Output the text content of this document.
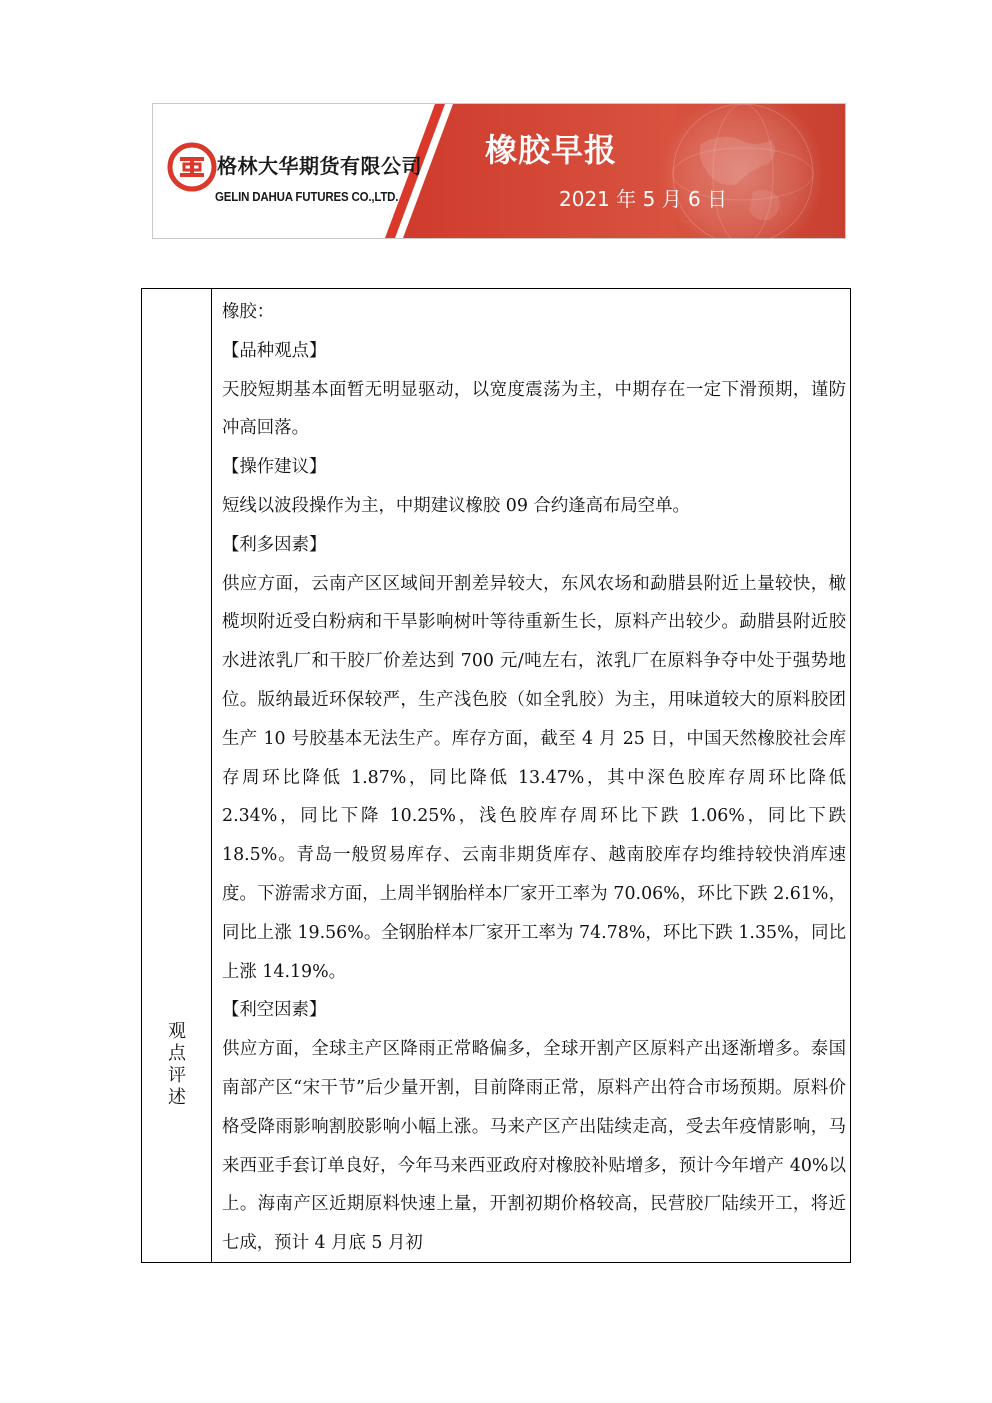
格林大华期货有限公司
GELIN DAHUA FUTURES CO.,LTD.
橡胶早报
2021 年 5 月 6 日
观点评述

橡胶：

【品种观点】

天胶短期基本面暂无明显驱动，以宽度震荡为主，中期存在一定下滑预期，谨防冲高回落。

【操作建议】

短线以波段操作为主，中期建议橡胶 09 合约逢高布局空单。

【利多因素】

供应方面，云南产区区域间开割差异较大，东风农场和勐腊县附近上量较快，橄榄坝附近受白粉病和干旱影响树叶等待重新生长，原料产出较少。勐腊县附近胶水进浓乳厂和干胶厂价差达到 700 元/吨左右，浓乳厂在原料争夺中处于强势地位。版纳最近环保较严，生产浅色胶（如全乳胶）为主，用味道较大的原料胶团生产 10 号胶基本无法生产。库存方面，截至 4 月 25 日，中国天然橡胶社会库存周环比降低 1.87%，同比降低 13.47%，其中深色胶库存周环比降低 2.34%，同比下降 10.25%，浅色胶库存周环比下跌 1.06%，同比下跌 18.5%。青岛一般贸易库存、云南非期货库存、越南胶库存均维持较快消库速度。下游需求方面，上周半钢胎样本厂家开工率为 70.06%，环比下跌 2.61%，同比上涨 19.56%。全钢胎样本厂家开工率为 74.78%，环比下跌 1.35%，同比上涨 14.19%。

【利空因素】

供应方面，全球主产区降雨正常略偏多，全球开割产区原料产出逐渐增多。泰国南部产区“宋干节”后少量开割，目前降雨正常，原料产出符合市场预期。原料价格受降雨影响割胶影响小幅上涨。马来产区产出陆续走高，受去年疫情影响，马来西亚手套订单良好，今年马来西亚政府对橡胶补贴增多，预计今年增产 40%以上。海南产区近期原料快速上量，开割初期价格较高，民营胶厂陆续开工，将近七成，预计 4 月底 5 月初
